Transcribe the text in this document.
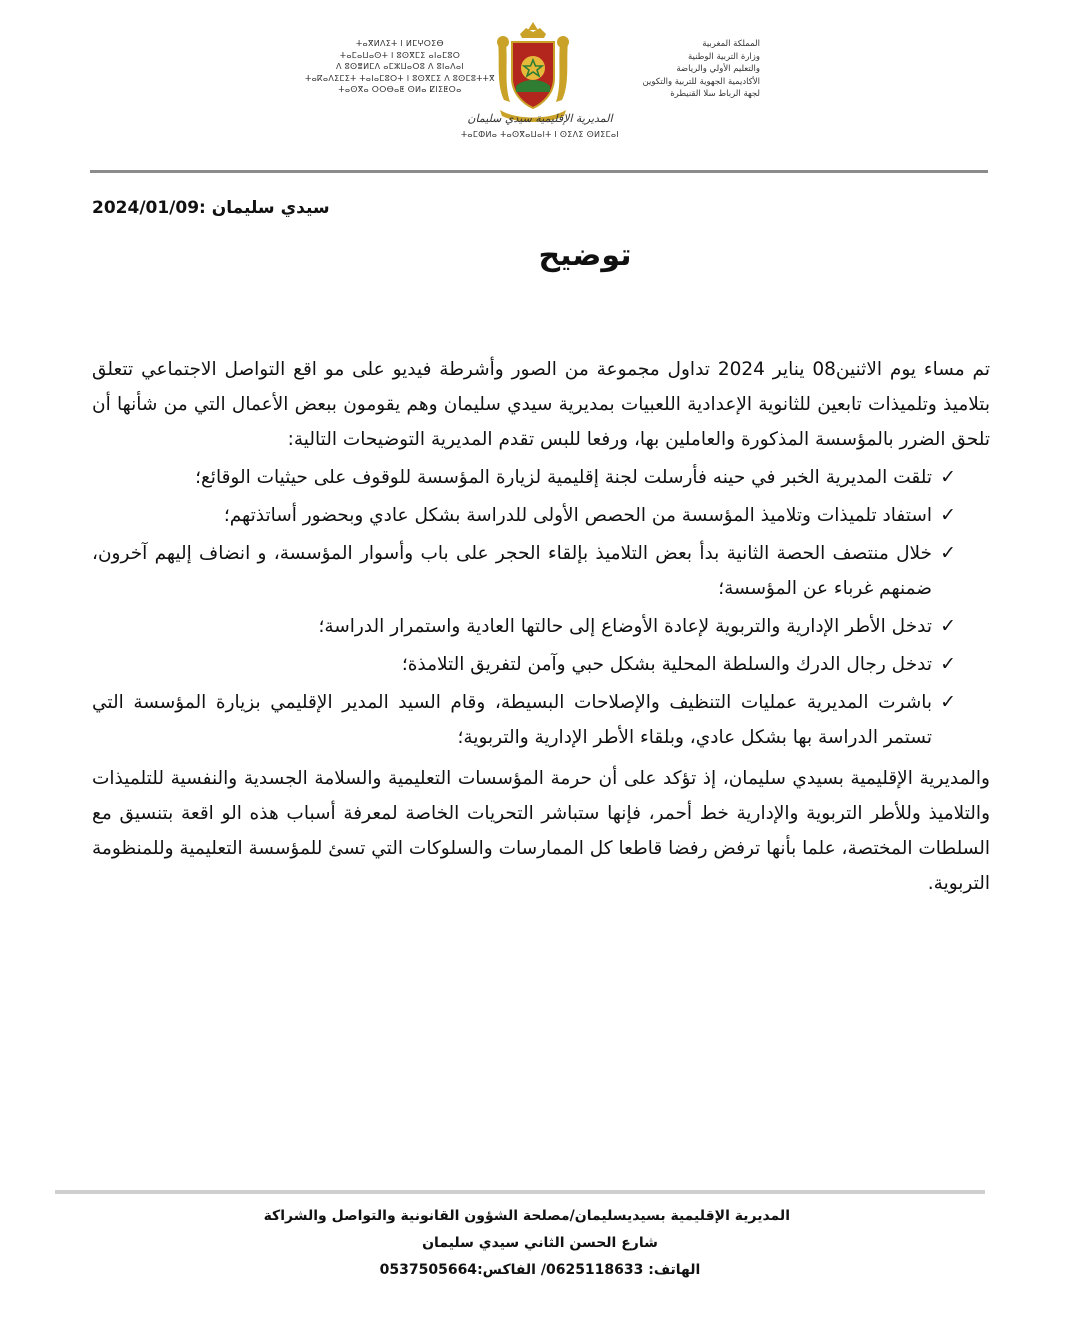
ⵜⴰⴳⵍⴷⵉⵜ ⵏ ⵍⵎⵖⵔⵉⴱ
ⵜⴰⵎⴰⵡⴰⵙⵜ ⵏ ⵓⵙⴳⵎⵉ ⴰⵏⴰⵎⵓⵔ
ⴷ ⵓⵙⴻⵍⵎⴷ ⴰⵎⵣⵡⴰⵔⵓ ⴷ ⵓⵏⴰⴷⴰⵏ
ⵜⴰⴽⴰⴷⵉⵎⵉⵜ ⵜⴰⵏⴰⵎⵓⵔⵜ ⵏ ⵓⵙⴳⵎⵉ ⴷ ⵓⵙⵎⵓⵜⵜⴳ
ⵜⴰⵙⴳⴰ ⵔⵔⴱⴰⵟ ⵙⵍⴰ ⵇⵏⵉⵟⵔⴰ
المملكة المغربية
وزارة التربية الوطنية
والتعليم الأولي والرياضة
الأكاديمية الجهوية للتربية والتكوين
لجهة الرباط سلا القنيطرة
المديرية الإقليمية سيدي سليمان
ⵜⴰⵎⵀⵍⴰ ⵜⴰⵙⴳⴰⵡⴰⵏⵜ ⵏ ⵙⵉⴷⵉ ⵙⵍⵉⵎⴰⵏ
سيدي سليمان :2024/01/09
توضيح

تم مساء يوم الاثنين08 يناير 2024 تداول مجموعة من الصور وأشرطة فيديو على مو اقع التواصل الاجتماعي تتعلق بتلاميذ وتلميذات تابعين للثانوية الإعدادية اللعبيات بمديرية سيدي سليمان وهم يقومون ببعض الأعمال التي من شأنها أن تلحق الضرر بالمؤسسة المذكورة والعاملين بها، ورفعا للبس تقدم المديرية التوضيحات التالية:

✓
تلقت المديرية الخبر في حينه فأرسلت لجنة إقليمية لزيارة المؤسسة للوقوف على حيثيات الوقائع؛
✓
استفاد تلميذات وتلاميذ المؤسسة من الحصص الأولى للدراسة بشكل عادي وبحضور أساتذتهم؛
✓
خلال منتصف الحصة الثانية بدأ بعض التلاميذ بإلقاء الحجر على باب وأسوار المؤسسة، و انضاف إليهم آخرون، ضمنهم غرباء عن المؤسسة؛
✓
تدخل الأطر الإدارية والتربوية لإعادة الأوضاع إلى حالتها العادية واستمرار الدراسة؛
✓
تدخل رجال الدرك والسلطة المحلية بشكل حبي وآمن لتفريق التلامذة؛
✓
باشرت المديرية عمليات التنظيف والإصلاحات البسيطة، وقام السيد المدير الإقليمي بزيارة المؤسسة التي تستمر الدراسة بها بشكل عادي، وبلقاء الأطر الإدارية والتربوية؛

والمديرية الإقليمية بسيدي سليمان، إذ تؤكد على أن حرمة المؤسسات التعليمية والسلامة الجسدية والنفسية للتلميذات والتلاميذ وللأطر التربوية والإدارية خط أحمر، فإنها ستباشر التحريات الخاصة لمعرفة أسباب هذه الو اقعة بتنسيق مع السلطات المختصة، علما بأنها ترفض رفضا قاطعا كل الممارسات والسلوكات التي تسئ للمؤسسة التعليمية وللمنظومة التربوية.

المديرية الإقليمية بسيديسليمان/مصلحة الشؤون القانونية والتواصل والشراكة
شارع الحسن الثاني سيدي سليمان
الهاتف: 0625118633/ الفاكس:0537505664
